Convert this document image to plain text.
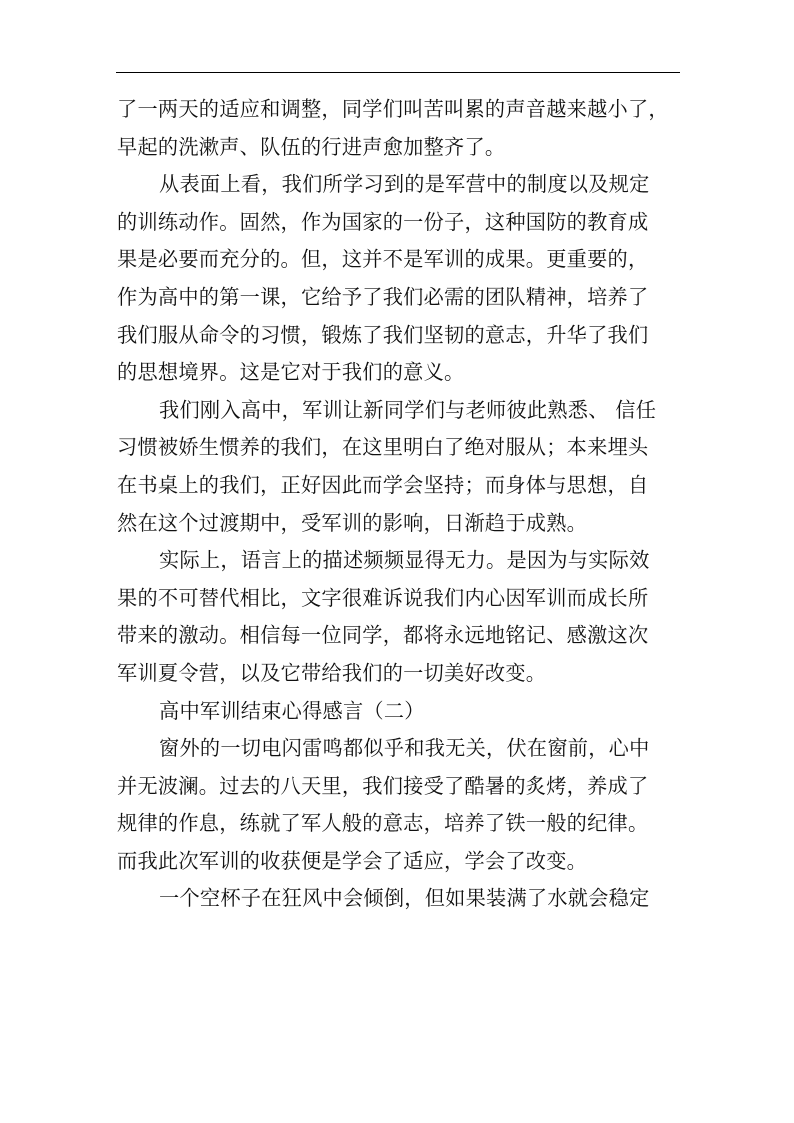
了一两天的适应和调整，同学们叫苦叫累的声音越来越小了，
早起的洗漱声、队伍的行进声愈加整齐了。

从表面上看，我们所学习到的是军营中的制度以及规定
的训练动作。固然，作为国家的一份子，这种国防的教育成
果是必要而充分的。但，这并不是军训的成果。更重要的，
作为高中的第一课，它给予了我们必需的团队精神，培养了
我们服从命令的习惯，锻炼了我们坚韧的意志，升华了我们
的思想境界。这是它对于我们的意义。

我们刚入高中，军训让新同学们与老师彼此熟悉、 信任
习惯被娇生惯养的我们，在这里明白了绝对服从；本来埋头
在书桌上的我们，正好因此而学会坚持；而身体与思想，自
然在这个过渡期中，受军训的影响，日渐趋于成熟。

实际上，语言上的描述频频显得无力。是因为与实际效
果的不可替代相比，文字很难诉说我们内心因军训而成长所
带来的激动。相信每一位同学，都将永远地铭记、感激这次
军训夏令营，以及它带给我们的一切美好改变。

高中军训结束心得感言（二）

窗外的一切电闪雷鸣都似乎和我无关，伏在窗前，心中
并无波澜。过去的八天里，我们接受了酷暑的炙烤，养成了
规律的作息，练就了军人般的意志，培养了铁一般的纪律。
而我此次军训的收获便是学会了适应，学会了改变。

一个空杯子在狂风中会倾倒，但如果装满了水就会稳定
